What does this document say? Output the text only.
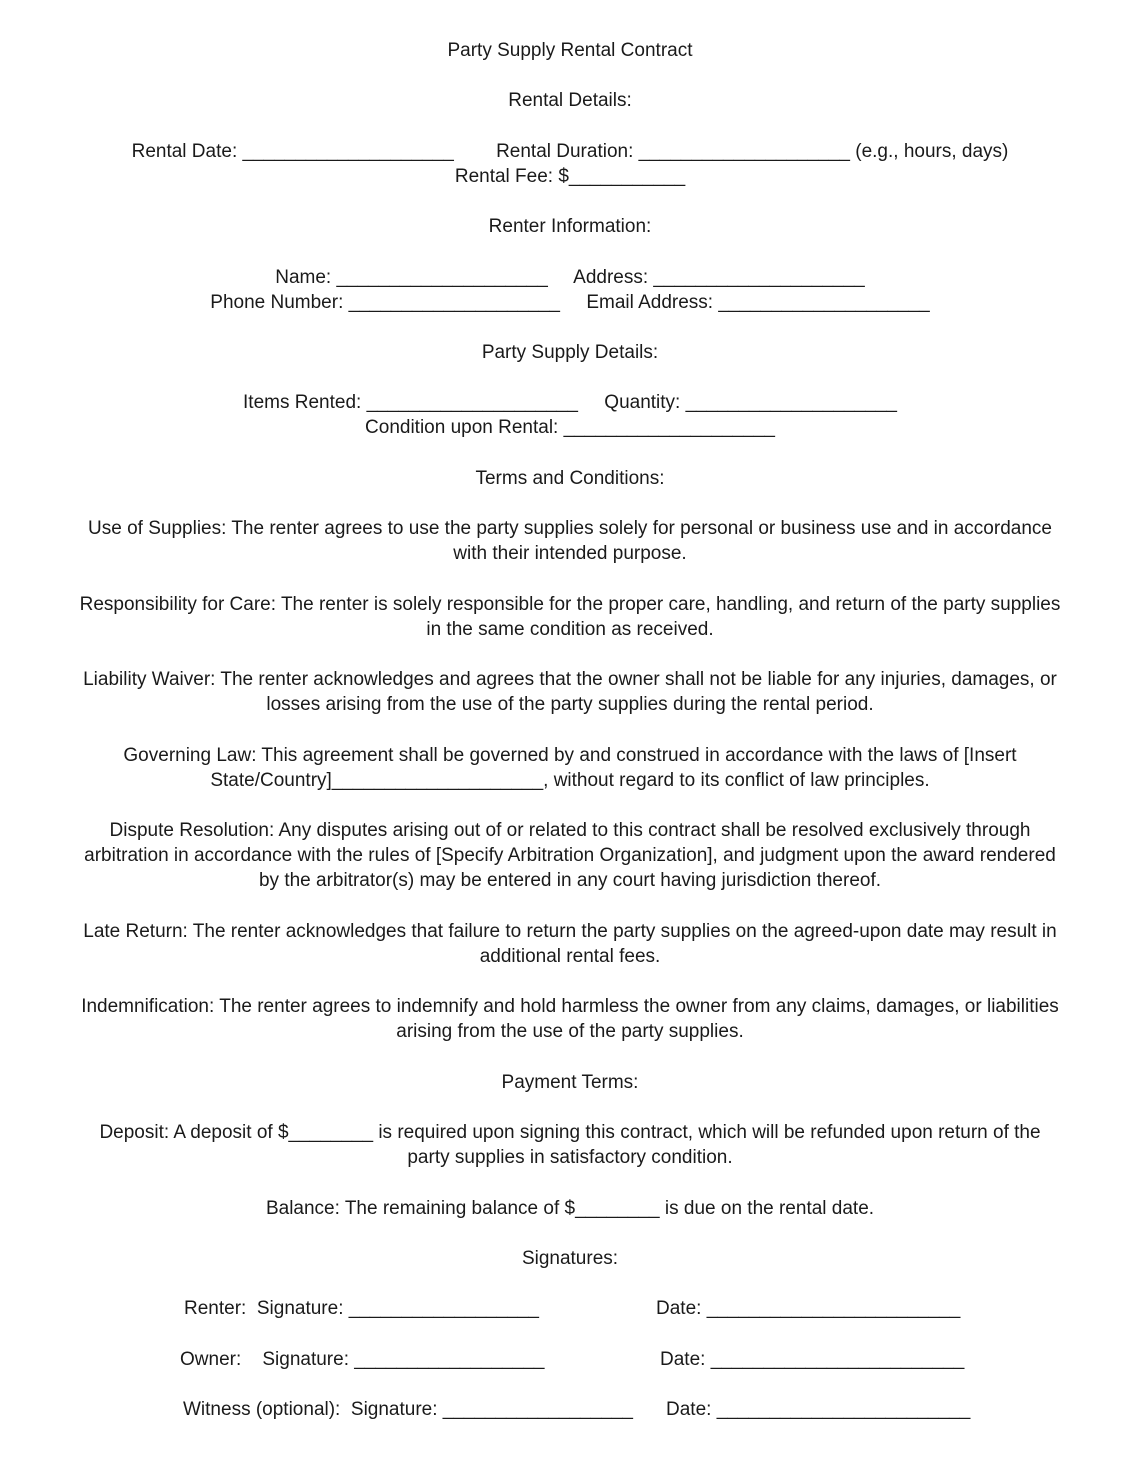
Party Supply Rental Contract
Rental Details:
Rental Date: ____________________        Rental Duration: ____________________ (e.g., hours, days)
Rental Fee: $___________
Renter Information:
Name: ____________________     Address: ____________________
Phone Number: ____________________     Email Address: ____________________
Party Supply Details:
Items Rented: ____________________     Quantity: ____________________
Condition upon Rental: ____________________
Terms and Conditions:
Use of Supplies: The renter agrees to use the party supplies solely for personal or business use and in accordance
with their intended purpose.
Responsibility for Care: The renter is solely responsible for the proper care, handling, and return of the party supplies
in the same condition as received.
Liability Waiver: The renter acknowledges and agrees that the owner shall not be liable for any injuries, damages, or
losses arising from the use of the party supplies during the rental period.
Governing Law: This agreement shall be governed by and construed in accordance with the laws of [Insert
State/Country]____________________, without regard to its conflict of law principles.
Dispute Resolution: Any disputes arising out of or related to this contract shall be resolved exclusively through
arbitration in accordance with the rules of [Specify Arbitration Organization], and judgment upon the award rendered
by the arbitrator(s) may be entered in any court having jurisdiction thereof.
Late Return: The renter acknowledges that failure to return the party supplies on the agreed-upon date may result in
additional rental fees.
Indemnification: The renter agrees to indemnify and hold harmless the owner from any claims, damages, or liabilities
arising from the use of the party supplies.
Payment Terms:
Deposit: A deposit of $________ is required upon signing this contract, which will be refunded upon return of the
party supplies in satisfactory condition.
Balance: The remaining balance of $________ is due on the rental date.
Signatures:
Renter:  Signature: __________________	Date: ________________________
Owner:    Signature: __________________	Date: ________________________
Witness (optional):  Signature: __________________ Date: ________________________
